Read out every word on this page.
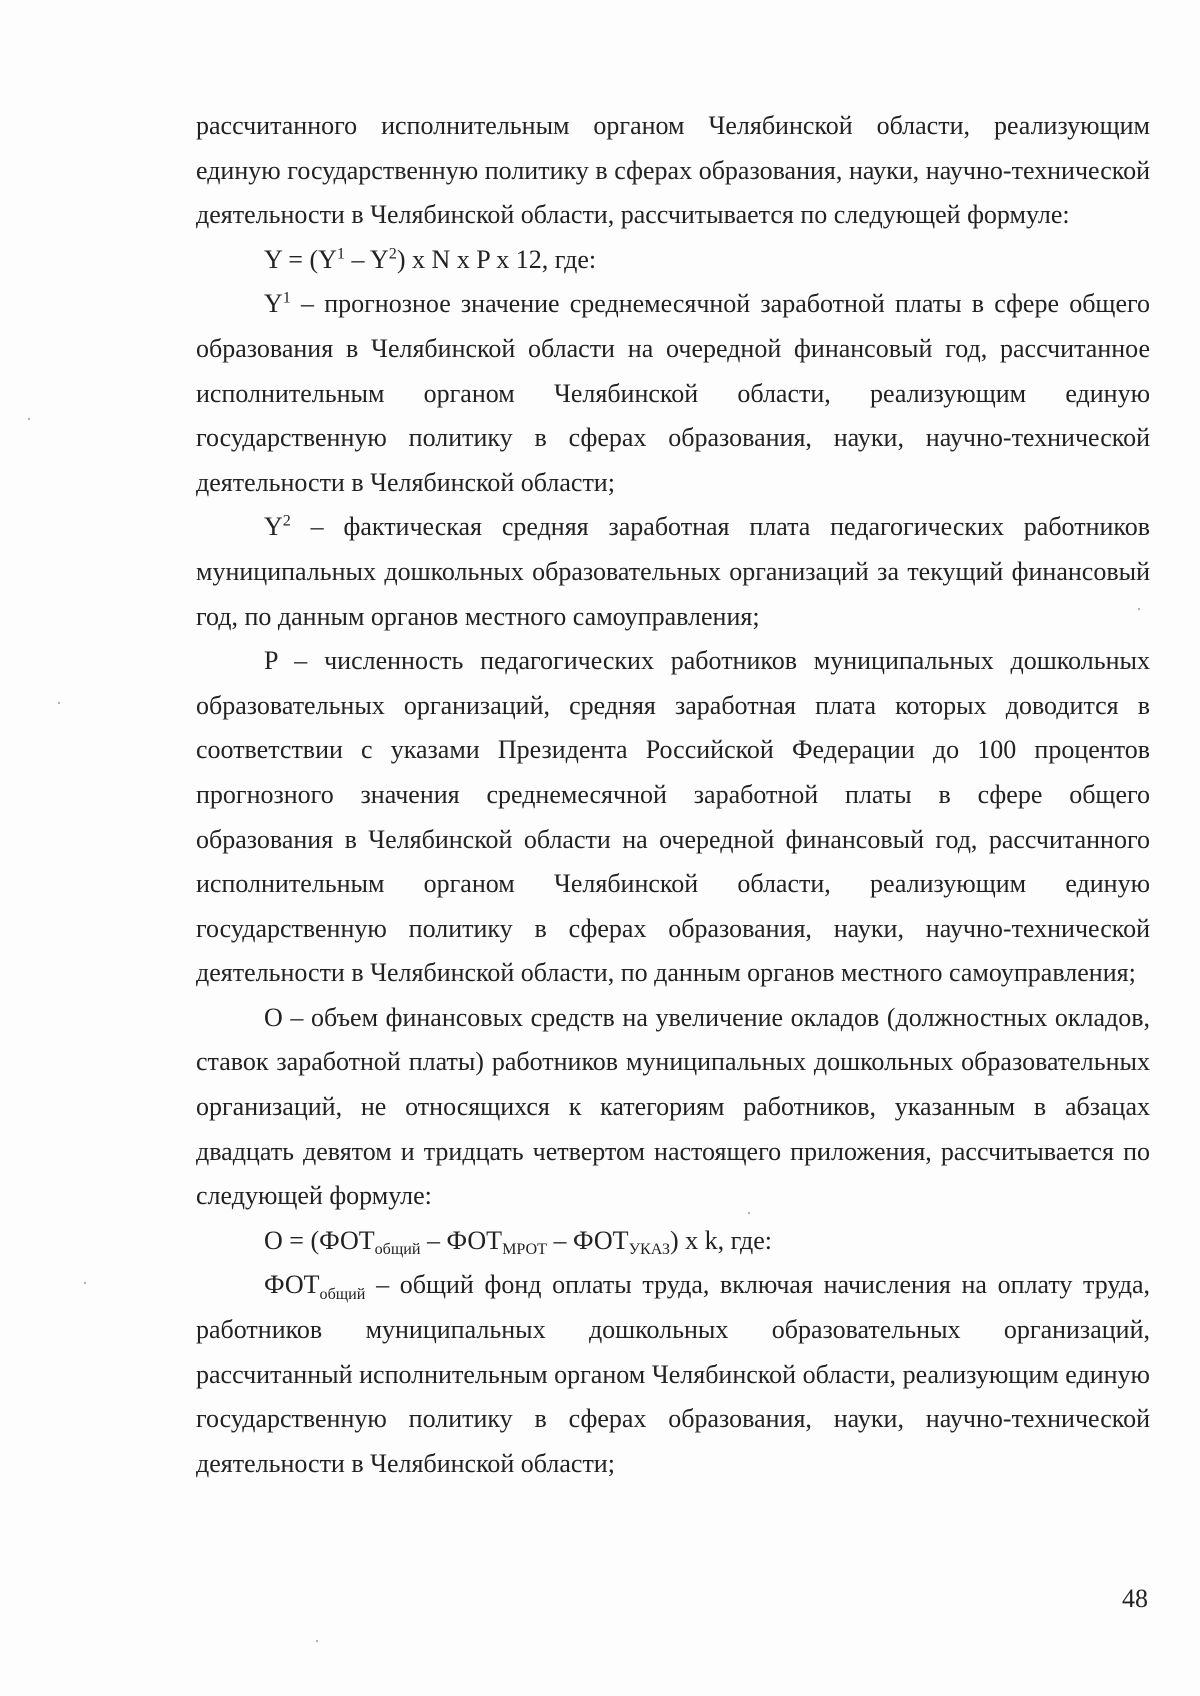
рассчитанного исполнительным органом Челябинской области, реализующим единую государственную политику в сферах образования, науки, научно-технической деятельности в Челябинской области, рассчитывается по следующей формуле:

$Y = (Y^1 - Y^2)$ x N x P x 12, где:

$Y^1$ – прогнозное значение среднемесячной заработной платы в сфере общего образования в Челябинской области на очередной финансовый год, рассчитанное исполнительным органом Челябинской области, реализующим единую государственную политику в сферах образования, науки, научно-технической деятельности в Челябинской области;

$Y^2$ – фактическая средняя заработная плата педагогических работников муниципальных дошкольных образовательных организаций за текущий финансовый год, по данным органов местного самоуправления;

P – численность педагогических работников муниципальных дошкольных образовательных организаций, средняя заработная плата которых доводится в соответствии с указами Президента Российской Федерации до 100 процентов прогнозного значения среднемесячной заработной платы в сфере общего образования в Челябинской области на очередной финансовый год, рассчитанного исполнительным органом Челябинской области, реализующим единую государственную политику в сферах образования, науки, научно-технической деятельности в Челябинской области, по данным органов местного самоуправления;

О – объем финансовых средств на увеличение окладов (должностных окладов, ставок заработной платы) работников муниципальных дошкольных образовательных организаций, не относящихся к категориям работников, указанным в абзацах двадцать девятом и тридцать четвертом настоящего приложения, рассчитывается по следующей формуле:

$О = (ФОТ_{общий} - ФОТ_{МРОТ} - ФОТ_{УКАЗ})$ x k, где:

$ФОТ_{общий}$ – общий фонд оплаты труда, включая начисления на оплату труда, работников муниципальных дошкольных образовательных организаций, рассчитанный исполнительным органом Челябинской области, реализующим единую государственную политику в сферах образования, науки, научно-технической деятельности в Челябинской области;

48
